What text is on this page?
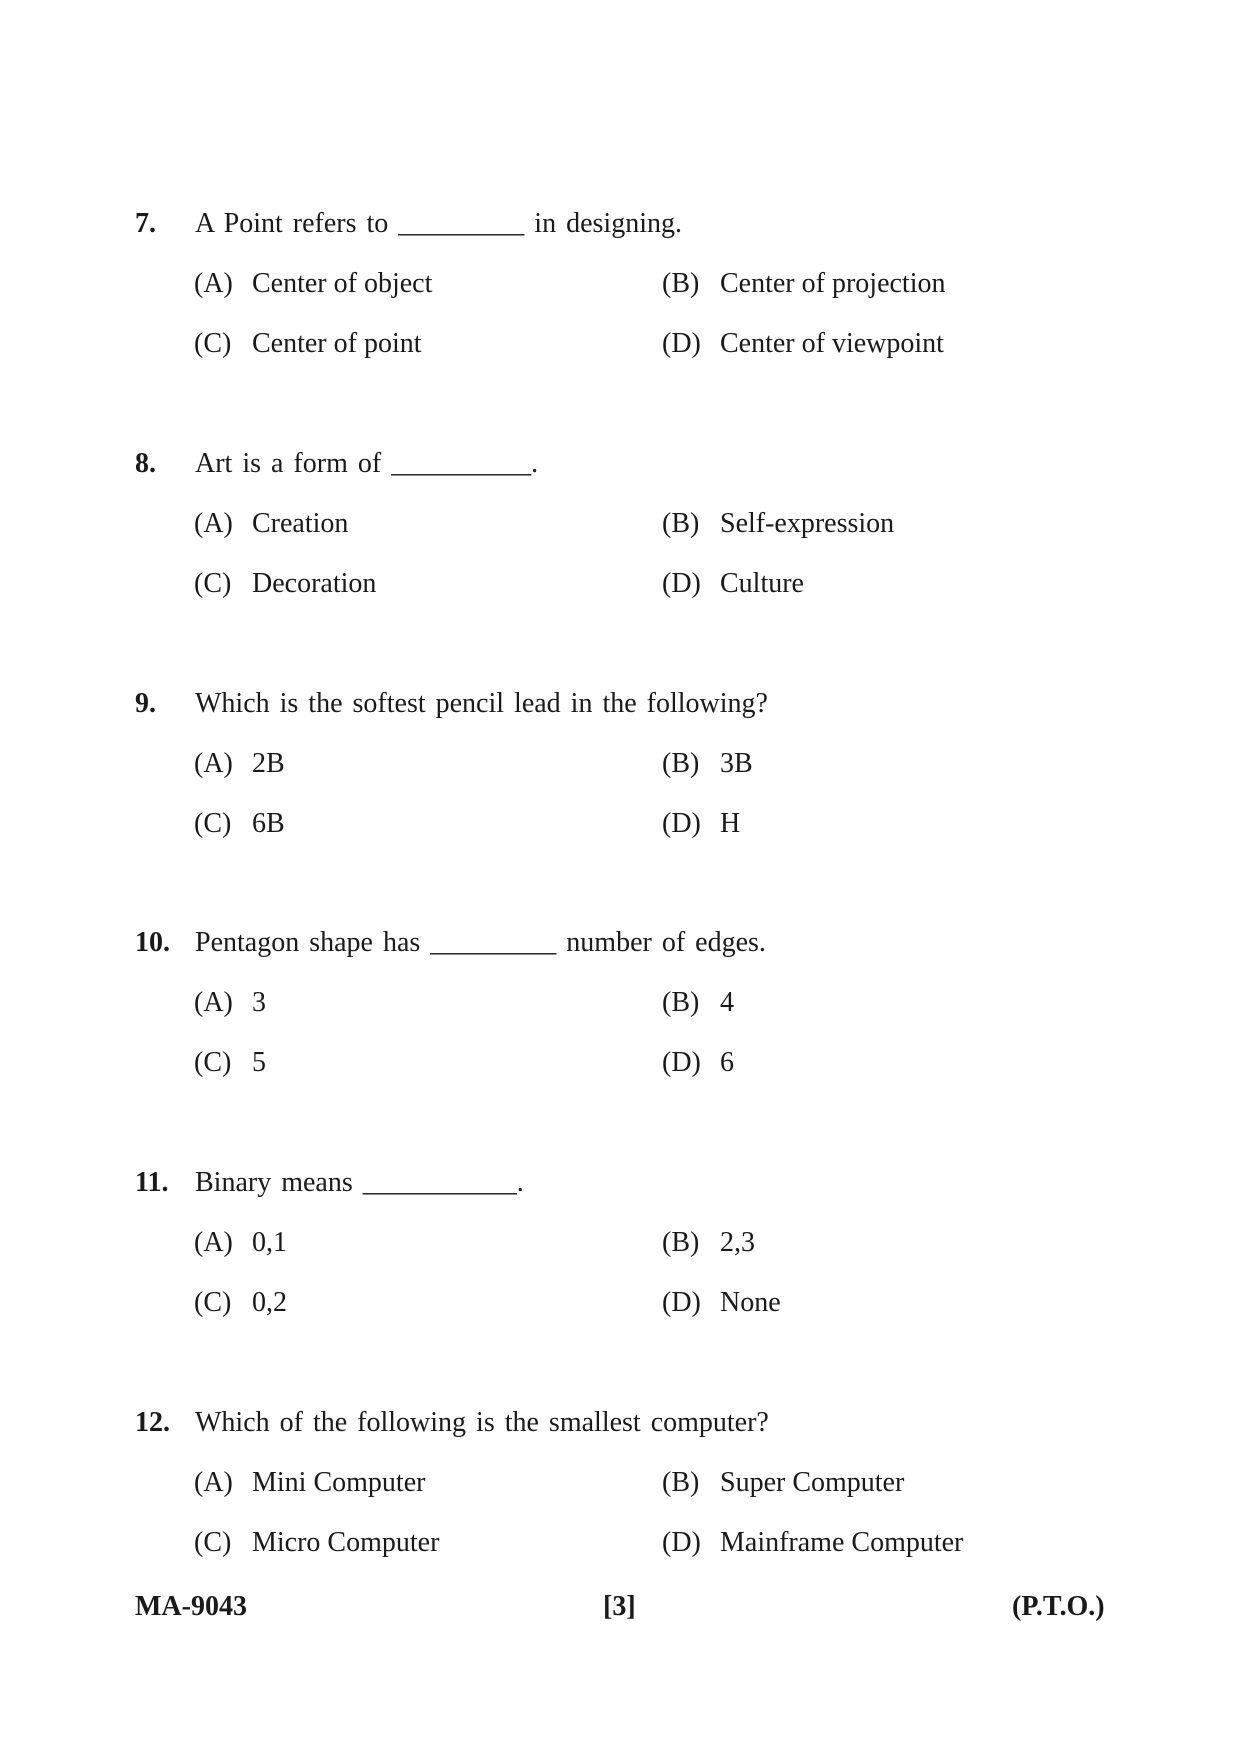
7. A Point refers to _________ in designing.
(A) Center of object	(B) Center of projection
(C) Center of point	(D) Center of viewpoint
8. Art is a form of __________.
(A) Creation	(B) Self-expression
(C) Decoration	(D) Culture
9. Which is the softest pencil lead in the following?
(A) 2B	(B) 3B
(C) 6B	(D) H
10. Pentagon shape has _________ number of edges.
(A) 3	(B) 4
(C) 5	(D) 6
11. Binary means ___________.
(A) 0,1	(B) 2,3
(C) 0,2	(D) None
12. Which of the following is the smallest computer?
(A) Mini Computer	(B) Super Computer
(C) Micro Computer	(D) Mainframe Computer
MA-9043	[3]	(P.T.O.)
